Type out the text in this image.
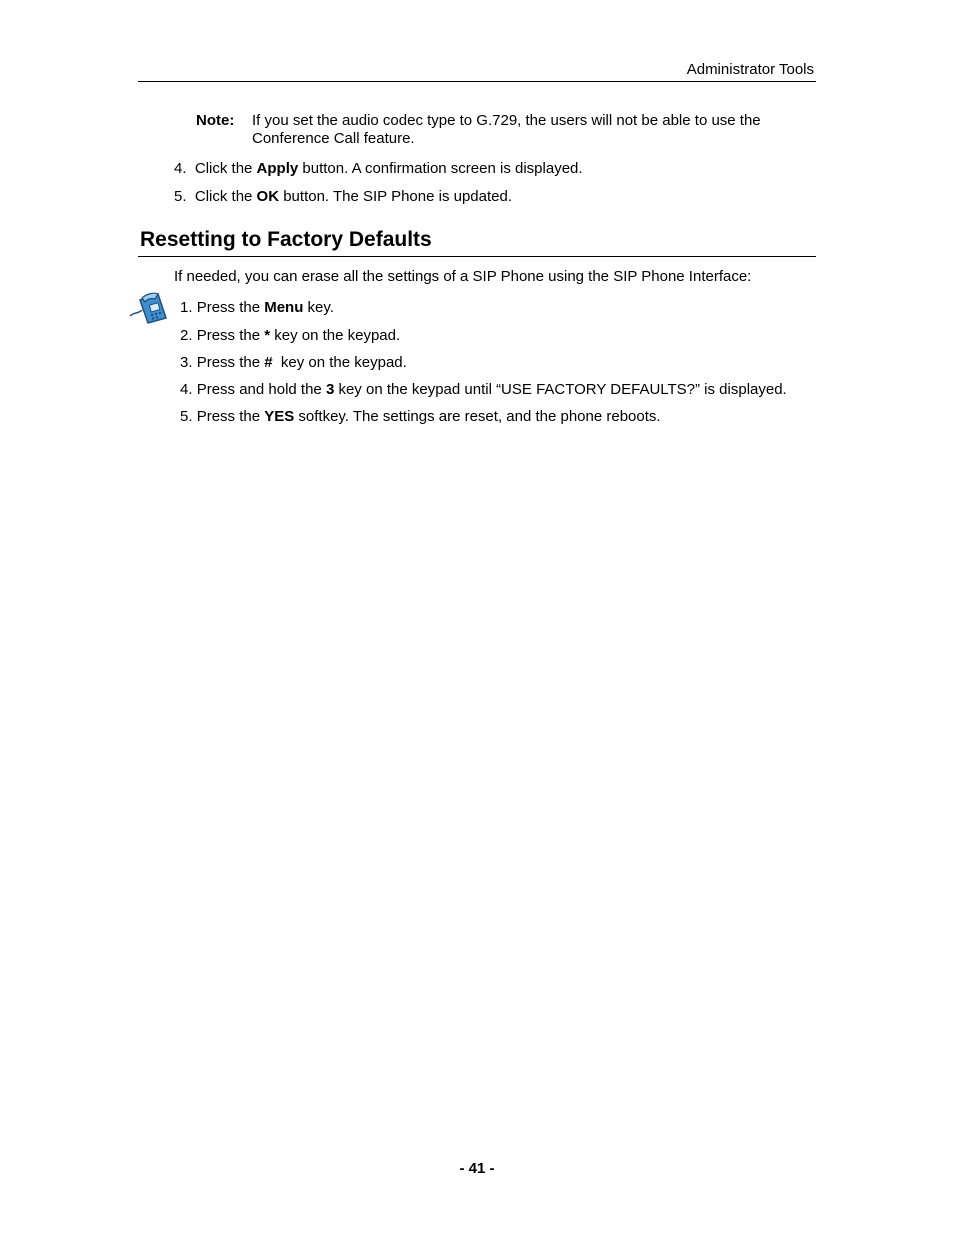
Administrator Tools
Note: If you set the audio codec type to G.729, the users will not be able to use the
Conference Call feature.
4. Click the Apply button. A confirmation screen is displayed.
5. Click the OK button. The SIP Phone is updated.
Resetting to Factory Defaults
If needed, you can erase all the settings of a SIP Phone using the SIP Phone Interface:
1. Press the Menu key.
2. Press the * key on the keypad.
3. Press the #  key on the keypad.
4. Press and hold the 3 key on the keypad until “USE FACTORY DEFAULTS?” is displayed.
5. Press the YES softkey. The settings are reset, and the phone reboots.
- 41 -
